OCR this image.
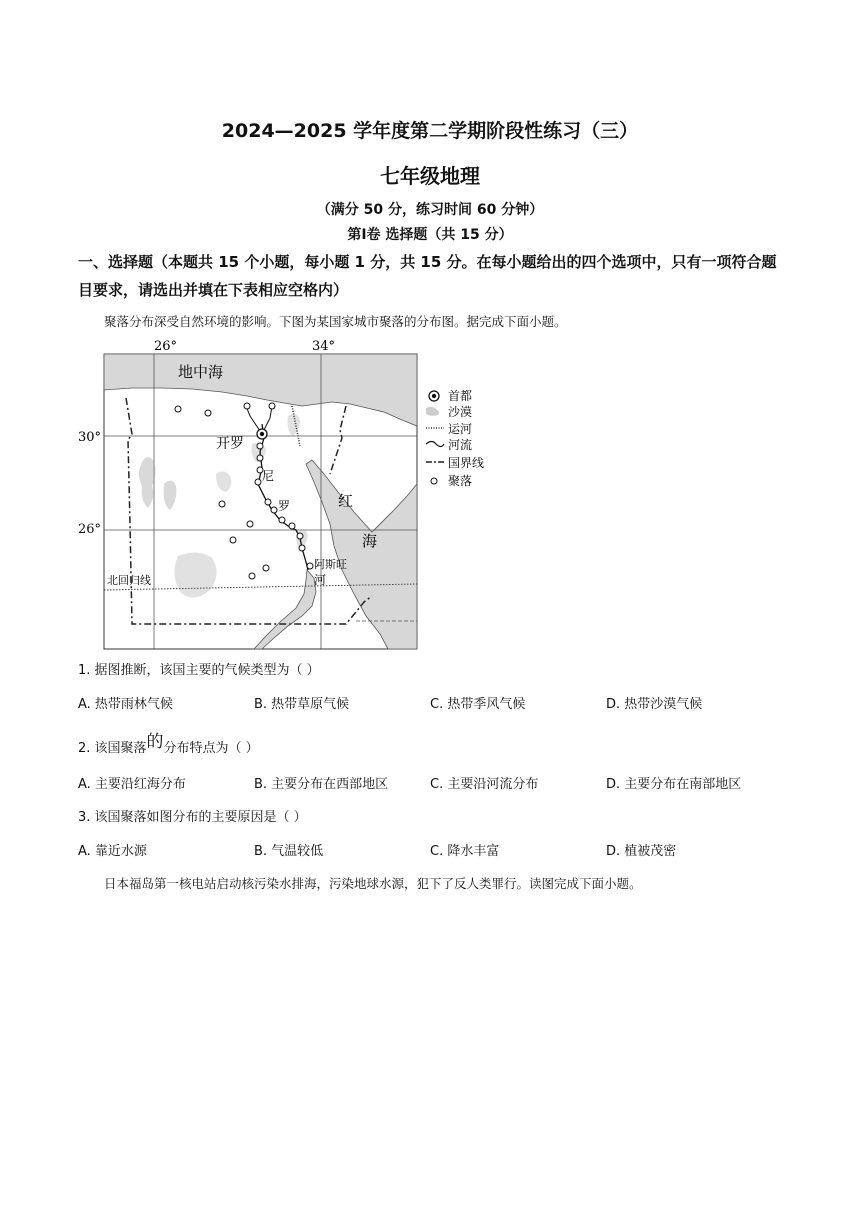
2024—2025 学年度第二学期阶段性练习（三）
七年级地理
（满分 50 分，练习时间 60 分钟）
第Ⅰ卷 选择题（共 15 分）
一、选择题（本题共 15 个小题，每小题 1 分，共 15 分。在每小题给出的四个选项中，只有一项符合题目要求，请选出并填在下表相应空格内）
聚落分布深受自然环境的影响。下图为某国家城市聚落的分布图。据完成下面小题。
26°	34°
30°
北回归线
地中海
开罗
尼
罗
河
阿斯旺
红
海
首都
沙漠
运河
河流
国界线
聚落
26°
1. 据图推断，该国主要的气候类型为（ ）
A. 热带雨林气候	B. 热带草原气候	C. 热带季风气候	D. 热带沙漠气候
2. 该国聚落的分布特点为（ ）
A. 主要沿红海分布	B. 主要分布在西部地区	C. 主要沿河流分布	D. 主要分布在南部地区
3. 该国聚落如图分布的主要原因是（ ）
A. 靠近水源	B. 气温较低	C. 降水丰富	D. 植被茂密
日本福岛第一核电站启动核污染水排海，污染地球水源，犯下了反人类罪行。读图完成下面小题。
